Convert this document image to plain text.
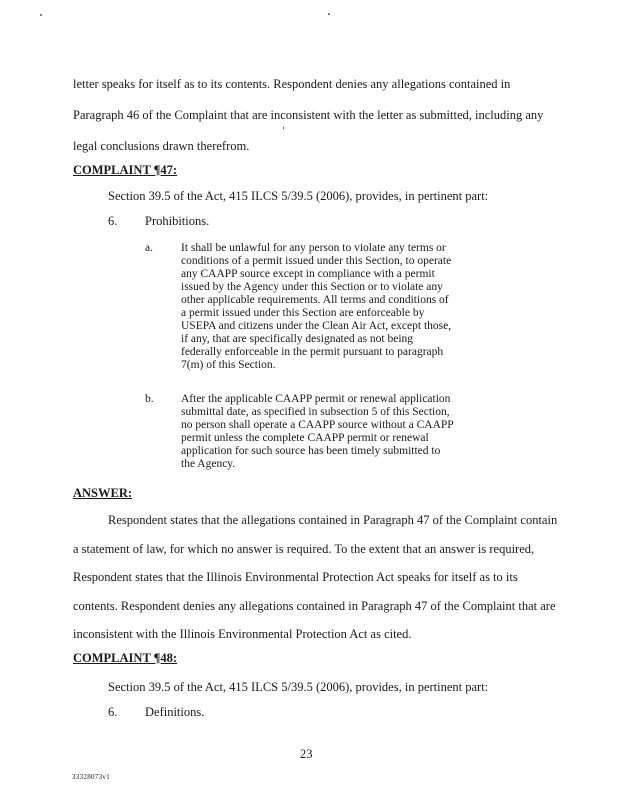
letter speaks for itself as to its contents. Respondent denies any allegations contained in
Paragraph 46 of the Complaint that are inconsistent with the letter as submitted, including any
legal conclusions drawn therefrom.
COMPLAINT ¶47:
Section 39.5 of the Act, 415 ILCS 5/39.5 (2006), provides, in pertinent part:
6. Prohibitions.
a. It shall be unlawful for any person to violate any terms or
conditions of a permit issued under this Section, to operate
any CAAPP source except in compliance with a permit
issued by the Agency under this Section or to violate any
other applicable requirements. All terms and conditions of
a permit issued under this Section are enforceable by
USEPA and citizens under the Clean Air Act, except those,
if any, that are specifically designated as not being
federally enforceable in the permit pursuant to paragraph
7(m) of this Section.
b. After the applicable CAAPP permit or renewal application
submittal date, as specified in subsection 5 of this Section,
no person shall operate a CAAPP source without a CAAPP
permit unless the complete CAAPP permit or renewal
application for such source has been timely submitted to
the Agency.
ANSWER:
Respondent states that the allegations contained in Paragraph 47 of the Complaint contain
a statement of law, for which no answer is required. To the extent that an answer is required,
Respondent states that the Illinois Environmental Protection Act speaks for itself as to its
contents. Respondent denies any allegations contained in Paragraph 47 of the Complaint that are
inconsistent with the Illinois Environmental Protection Act as cited.
COMPLAINT ¶48:
Section 39.5 of the Act, 415 ILCS 5/39.5 (2006), provides, in pertinent part:
6. Definitions.
23
33328073v1
